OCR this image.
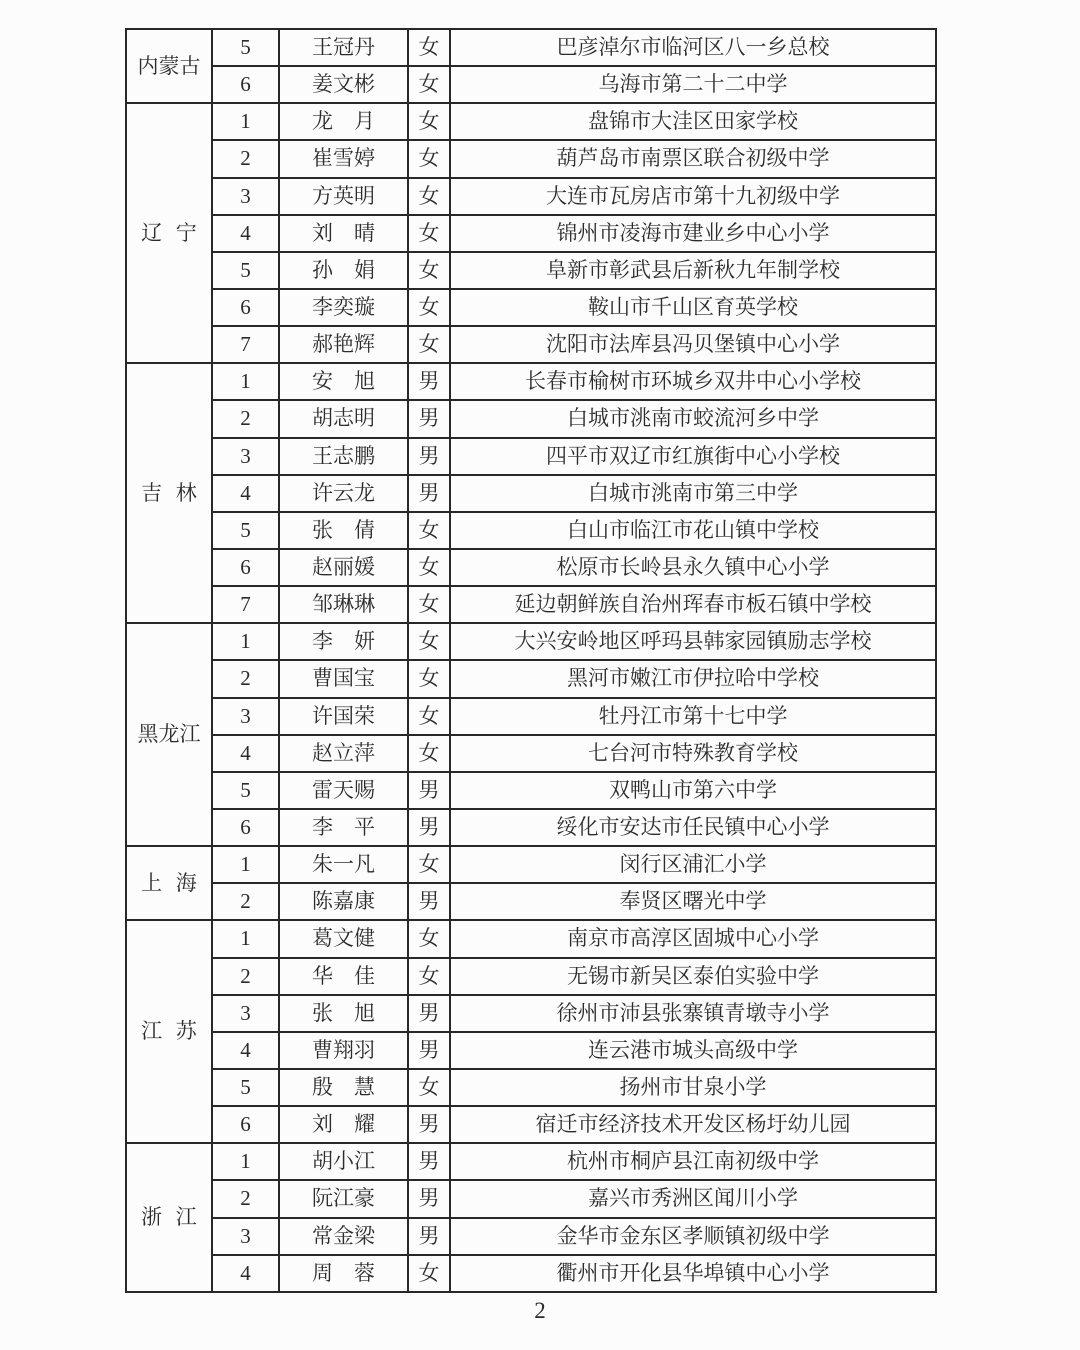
内蒙古	5	王冠丹	女	巴彦淖尔市临河区八一乡总校
	6	姜文彬	女	乌海市第二十二中学
辽宁	1	龙　月	女	盘锦市大洼区田家学校
	2	崔雪婷	女	葫芦岛市南票区联合初级中学
	3	方英明	女	大连市瓦房店市第十九初级中学
	4	刘　晴	女	锦州市凌海市建业乡中心小学
	5	孙　娟	女	阜新市彰武县后新秋九年制学校
	6	李奕璇	女	鞍山市千山区育英学校
	7	郝艳辉	女	沈阳市法库县冯贝堡镇中心小学
吉林	1	安　旭	男	长春市榆树市环城乡双井中心小学校
	2	胡志明	男	白城市洮南市蛟流河乡中学
	3	王志鹏	男	四平市双辽市红旗街中心小学校
	4	许云龙	男	白城市洮南市第三中学
	5	张　倩	女	白山市临江市花山镇中学校
	6	赵丽媛	女	松原市长岭县永久镇中心小学
	7	邹琳琳	女	延边朝鲜族自治州珲春市板石镇中学校
黑龙江	1	李　妍	女	大兴安岭地区呼玛县韩家园镇励志学校
	2	曹国宝	女	黑河市嫩江市伊拉哈中学校
	3	许国荣	女	牡丹江市第十七中学
	4	赵立萍	女	七台河市特殊教育学校
	5	雷天赐	男	双鸭山市第六中学
	6	李　平	男	绥化市安达市任民镇中心小学
上海	1	朱一凡	女	闵行区浦汇小学
	2	陈嘉康	男	奉贤区曙光中学
江苏	1	葛文健	女	南京市高淳区固城中心小学
	2	华　佳	女	无锡市新吴区泰伯实验中学
	3	张　旭	男	徐州市沛县张寨镇青墩寺小学
	4	曹翔羽	男	连云港市城头高级中学
	5	殷　慧	女	扬州市甘泉小学
	6	刘　耀	男	宿迁市经济技术开发区杨圩幼儿园
浙江	1	胡小江	男	杭州市桐庐县江南初级中学
	2	阮江豪	男	嘉兴市秀洲区闻川小学
	3	常金梁	男	金华市金东区孝顺镇初级中学
	4	周　蓉	女	衢州市开化县华埠镇中心小学
2
